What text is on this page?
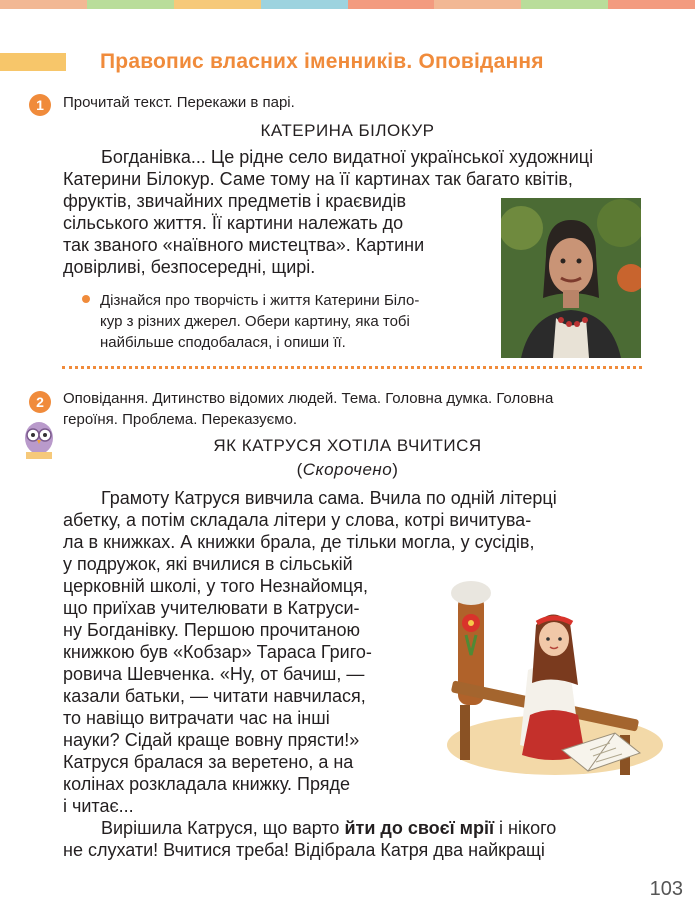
Правопис власних іменників. Оповідання
1	Прочитай текст. Перекажи в парі.
КАТЕРИНА БІЛОКУР
Богданівка... Це рідне село видатної української художниці
Катерини Білокур. Саме тому на її картинах так багато квітів,
фруктів, звичайних предметів і краєвидів
сільського життя. Її картини належать до
так званого «наївного мистецтва». Картини
довірливі, безпосередні, щирі.
Дізнайся про творчість і життя Катерини Біло-
кур з різних джерел. Обери картину, яка тобі
найбільше сподобалася, і опиши її.
2	Оповідання. Дитинство відомих людей. Тема. Головна думка. Головна
героїня. Проблема. Переказуємо.
ЯК КАТРУСЯ ХОТІЛА ВЧИТИСЯ
(Скорочено)
Грамоту Катруся вивчила сама. Вчила по одній літерці
абетку, а потім складала літери у слова, котрі вичитува-
ла в книжках. А книжки брала, де тільки могла, у сусідів,
у подружок, які вчилися в сільській
церковній школі, у того Незнайомця,
що приїхав учителювати в Катруси-
ну Богданівку. Першою прочитаною
книжкою був «Кобзар» Тараса Григо-
ровича Шевченка. «Ну, от бачиш, —
казали батьки, — читати навчилася,
то навіщо витрачати час на інші
науки? Сідай краще вовну прясти!»
Катруся бралася за веретено, а на
колінах розкладала книжку. Пряде
і читає...
Вирішила Катруся, що варто йти до своєї мрії і нікого
не слухати! Вчитися треба! Відібрала Катря два найкращі
103
